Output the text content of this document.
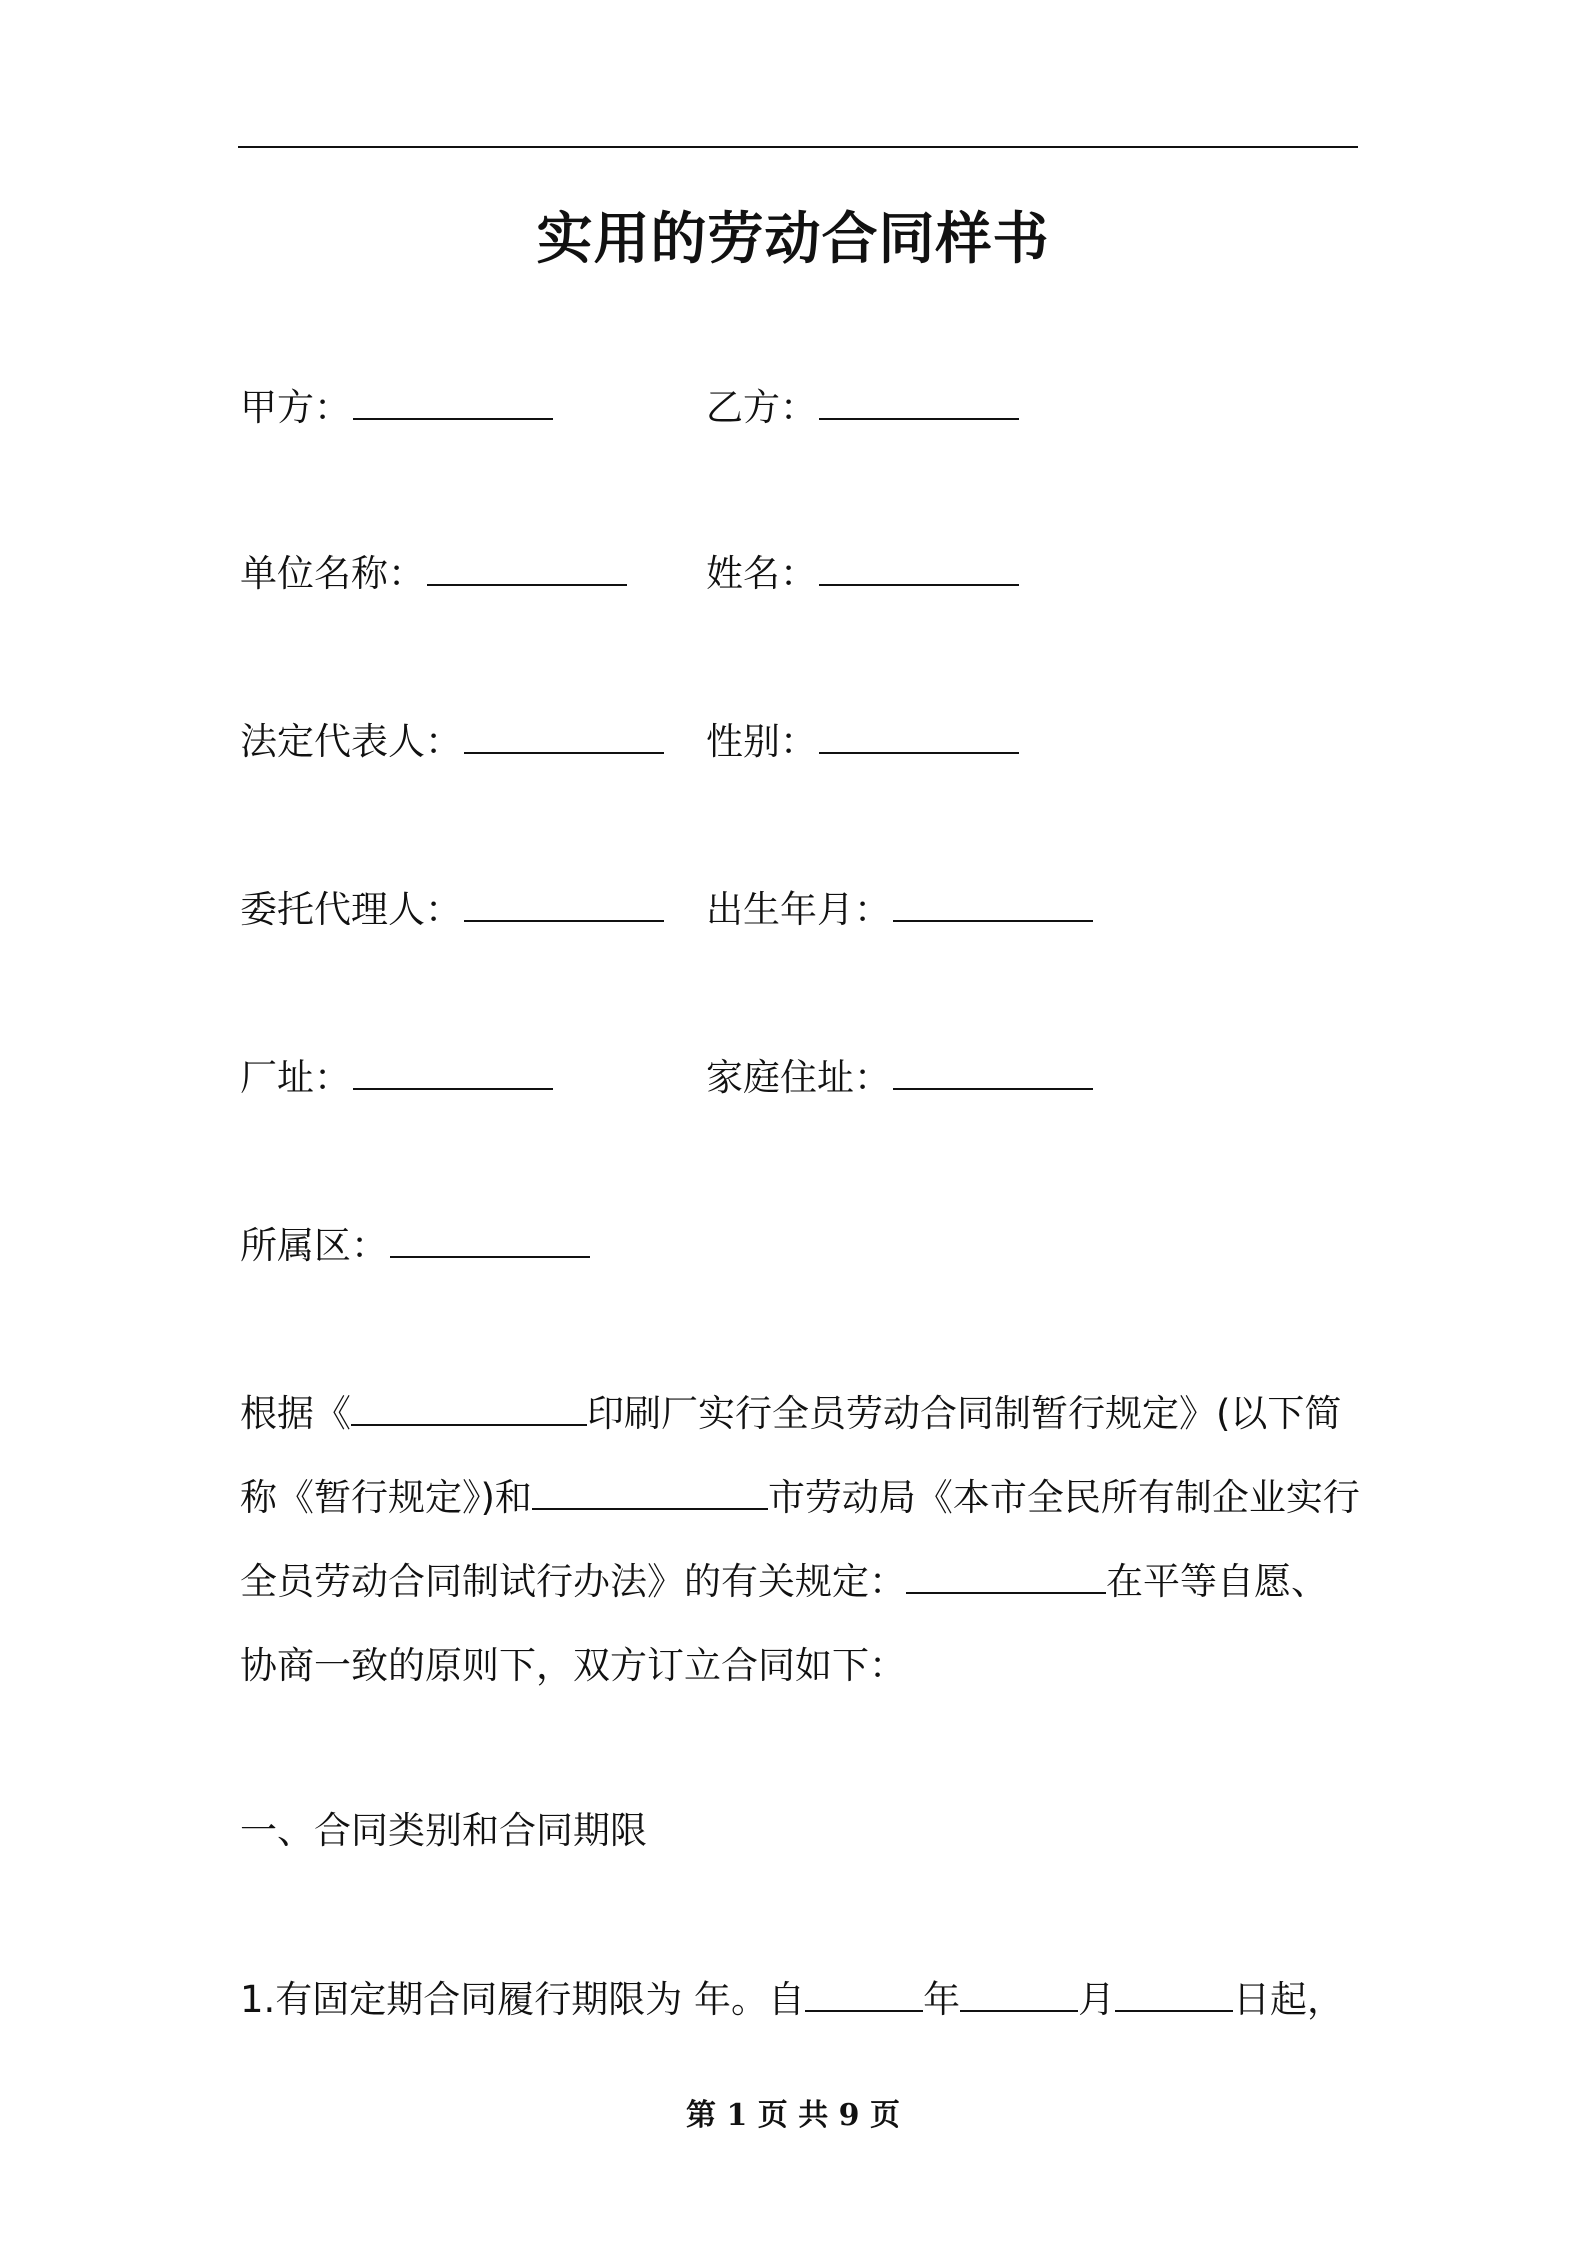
实用的劳动合同样书
甲方：	乙方：
单位名称：	姓名：
法定代表人：	性别：
委托代理人：	出生年月：
厂址：	家庭住址：
所属区：
根据《	印刷厂实行全员劳动合同制暂行规定》(以下简称《暂行规定》)和	市劳动局《本市全民所有制企业实行全员劳动合同制试行办法》的有关规定：	在平等自愿、协商一致的原则下，双方订立合同如下：
一、合同类别和合同期限
1.有固定期合同履行期限为 年。自	年	月	日起，
第 1 页 共 9 页
